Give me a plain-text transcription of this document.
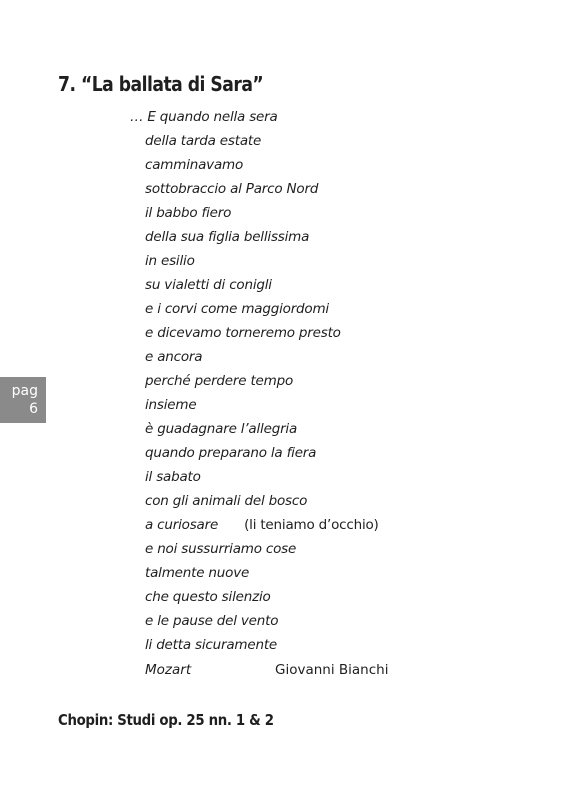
7. “La ballata di Sara”
… E quando nella sera
della tarda estate
camminavamo
sottobraccio al Parco Nord
il babbo fiero
della sua figlia bellissima
in esilio
su vialetti di conigli
e i corvi come maggiordomi
e dicevamo torneremo presto
e ancora
perché perdere tempo
insieme
è guadagnare l’allegria
quando preparano la fiera
il sabato
con gli animali del bosco
a curiosare (li teniamo d’occhio)
e noi sussurriamo cose
talmente nuove
che questo silenzio
e le pause del vento
li detta sicuramente
Mozart	Giovanni Bianchi
pag
6
Chopin: Studi op. 25 nn. 1 & 2
